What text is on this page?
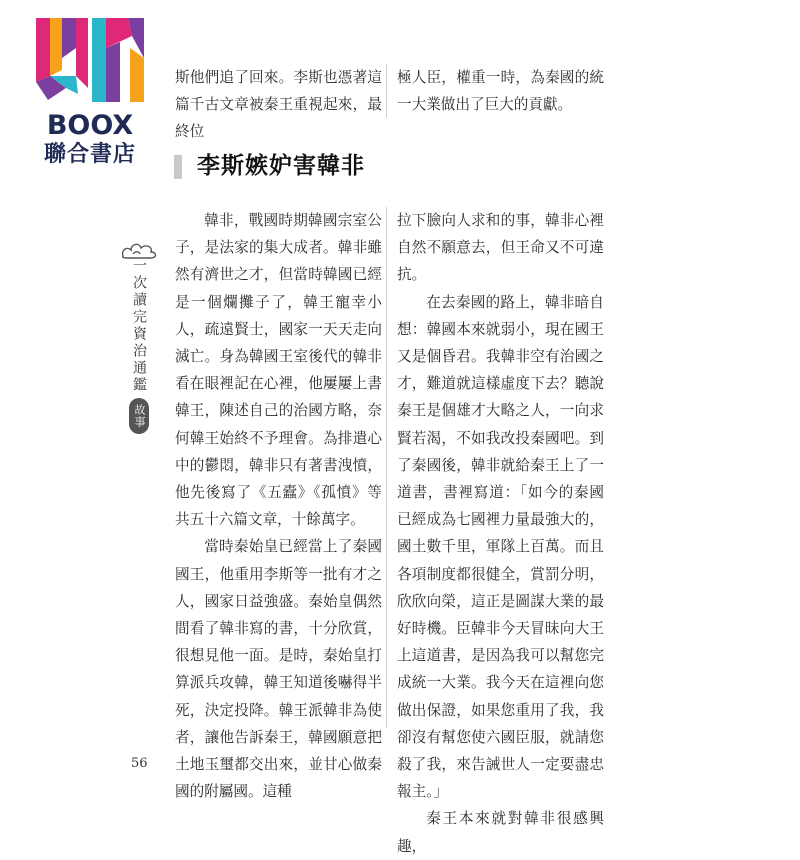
BOOX
聯合書店

斯他們追了回來。李斯也憑著這篇千古文章被秦王重視起來，最終位

極人臣，權重一時，為秦國的統一大業做出了巨大的貢獻。

李斯嫉妒害韓非
一次讀完資治通鑑
故事

韓非，戰國時期韓國宗室公子，是法家的集大成者。韓非雖然有濟世之才，但當時韓國已經是一個爛攤子了，韓王寵幸小人，疏遠賢士，國家一天天走向滅亡。身為韓國王室後代的韓非看在眼裡記在心裡，他屢屢上書韓王，陳述自己的治國方略，奈何韓王始終不予理會。為排遣心中的鬱悶，韓非只有著書洩憤，他先後寫了《五蠹》《孤憤》等共五十六篇文章，十餘萬字。

當時秦始皇已經當上了秦國國王，他重用李斯等一批有才之人，國家日益強盛。秦始皇偶然間看了韓非寫的書，十分欣賞，很想見他一面。是時，秦始皇打算派兵攻韓，韓王知道後嚇得半死，決定投降。韓王派韓非為使者，讓他告訴秦王，韓國願意把土地玉璽都交出來，並甘心做秦國的附屬國。這種

拉下臉向人求和的事，韓非心裡自然不願意去，但王命又不可違抗。

在去秦國的路上，韓非暗自想：韓國本來就弱小，現在國王又是個昏君。我韓非空有治國之才，難道就這樣虛度下去？聽說秦王是個雄才大略之人，一向求賢若渴，不如我改投秦國吧。到了秦國後，韓非就給秦王上了一道書，書裡寫道：「如今的秦國已經成為七國裡力量最強大的，國土數千里，軍隊上百萬。而且各項制度都很健全，賞罰分明，欣欣向榮，這正是圖謀大業的最好時機。臣韓非今天冒昧向大王上這道書，是因為我可以幫您完成統一大業。我今天在這裡向您做出保證，如果您重用了我，我卻沒有幫您使六國臣服，就請您殺了我，來告誡世人一定要盡忠報主。」

秦王本來就對韓非很感興趣，

56
